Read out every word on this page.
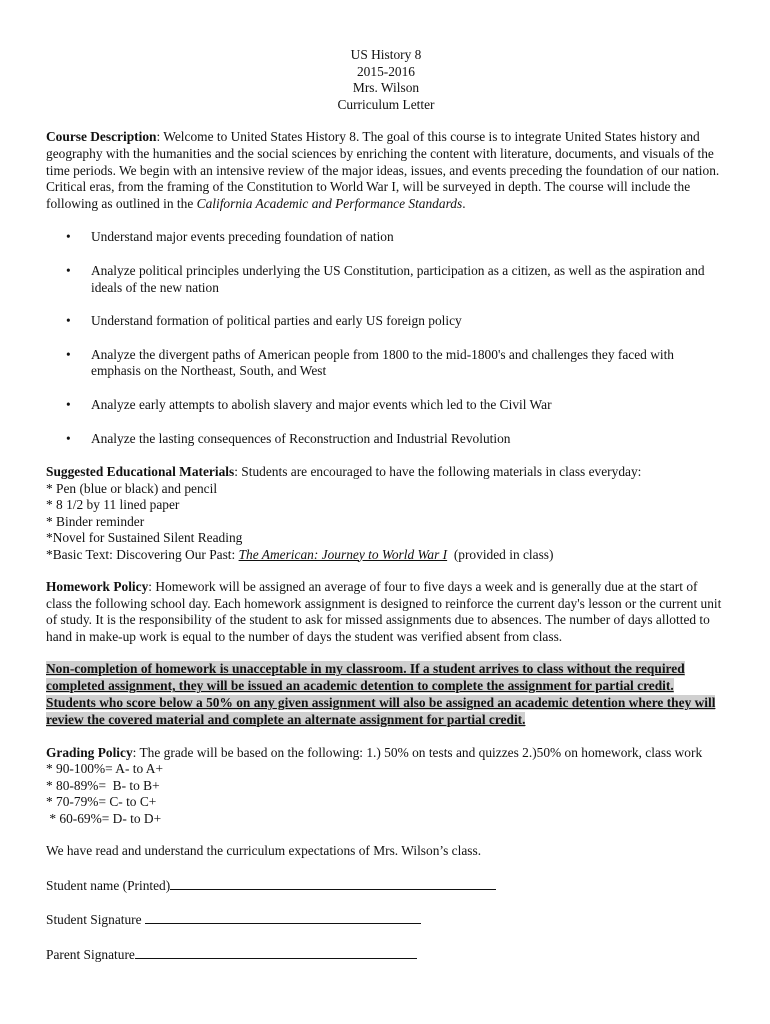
US History 8
2015-2016
Mrs. Wilson
Curriculum Letter

Course Description: Welcome to United States History 8. The goal of this course is to integrate United States history and geography with the humanities and the social sciences by enriching the content with literature, documents, and visuals of the time periods. We begin with an intensive review of the major ideas, issues, and events preceding the foundation of our nation. Critical eras, from the framing of the Constitution to World War I, will be surveyed in depth. The course will include the following as outlined in the California Academic and Performance Standards.

• Understand major events preceding foundation of nation
• Analyze political principles underlying the US Constitution, participation as a citizen, as well as the aspiration and ideals of the new nation
• Understand formation of political parties and early US foreign policy
• Analyze the divergent paths of American people from 1800 to the mid-1800's and challenges they faced with emphasis on the Northeast, South, and West
• Analyze early attempts to abolish slavery and major events which led to the Civil War
• Analyze the lasting consequences of Reconstruction and Industrial Revolution
Suggested Educational Materials: Students are encouraged to have the following materials in class everyday:
* Pen (blue or black) and pencil
* 8 1/2 by 11 lined paper
* Binder reminder
*Novel for Sustained Silent Reading
*Basic Text: Discovering Our Past: The American: Journey to World War I  (provided in class)

Homework Policy: Homework will be assigned an average of four to five days a week and is generally due at the start of class the following school day. Each homework assignment is designed to reinforce the current day's lesson or the current unit of study. It is the responsibility of the student to ask for missed assignments due to absences. The number of days allotted to hand in make-up work is equal to the number of days the student was verified absent from class.

Non-completion of homework is unacceptable in my classroom. If a student arrives to class without the required completed assignment, they will be issued an academic detention to complete the assignment for partial credit. Students who score below a 50% on any given assignment will also be assigned an academic detention where they will review the covered material and complete an alternate assignment for partial credit.

Grading Policy: The grade will be based on the following: 1.) 50% on tests and quizzes 2.)50% on homework, class work
* 90-100%= A- to A+
* 80-89%=  B- to B+
* 70-79%= C- to C+
* 60-69%= D- to D+

We have read and understand the curriculum expectations of Mrs. Wilson’s class.

Student name (Printed)
Student Signature
Parent Signature
